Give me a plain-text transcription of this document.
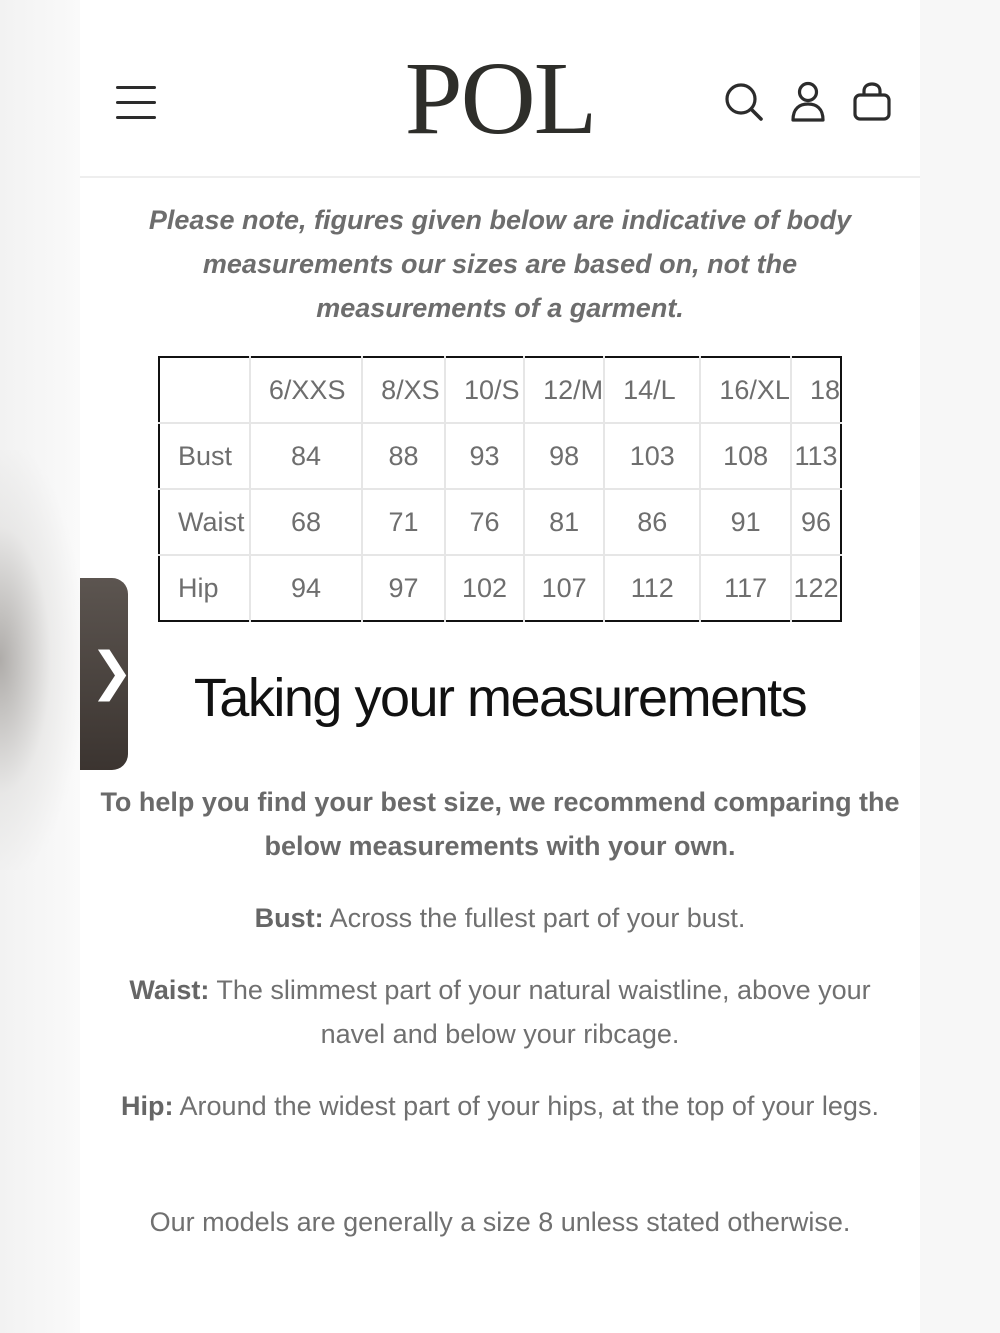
POL
Please note, figures given below are indicative of body measurements our sizes are based on, not the measurements of a garment.
	6/XXS	8/XS	10/S	12/M	14/L	16/XL	18
Bust	84	88	93	98	103	108	113
Waist	68	71	76	81	86	91	96
Hip	94	97	102	107	112	117	122
❯	Taking your measurements
To help you find your best size, we recommend comparing the below measurements with your own.
Bust: Across the fullest part of your bust.
Waist: The slimmest part of your natural waistline, above your navel and below your ribcage.
Hip: Around the widest part of your hips, at the top of your legs.
Our models are generally a size 8 unless stated otherwise.
